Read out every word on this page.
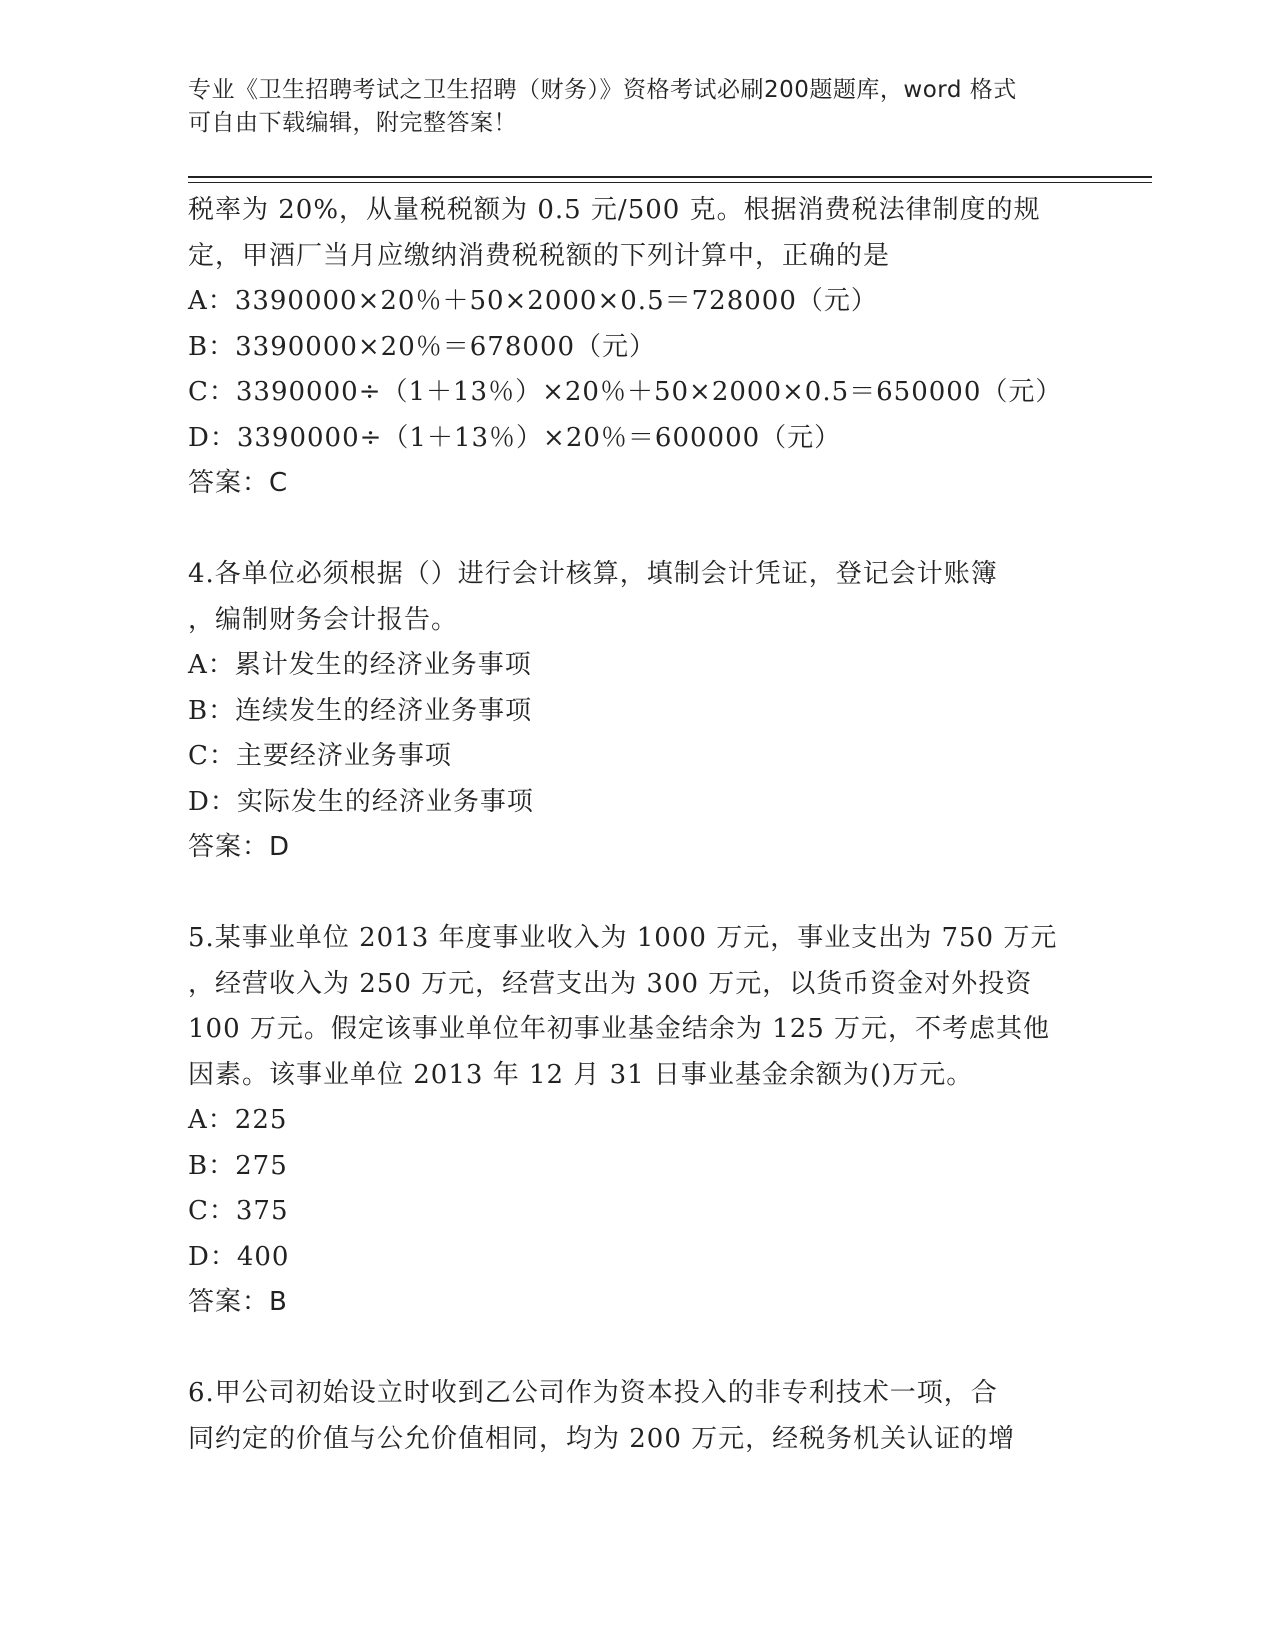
专业《卫生招聘考试之卫生招聘（财务）》资格考试必刷200题题库，word 格式
可自由下载编辑，附完整答案！
税率为 20%，从量税税额为 0.5 元/500 克。根据消费税法律制度的规
定，甲酒厂当月应缴纳消费税税额的下列计算中，正确的是
A：3390000×20％＋50×2000×0.5＝728000（元）
B：3390000×20％＝678000（元）
C：3390000÷（1＋13％）×20％＋50×2000×0.5＝650000（元）
D：3390000÷（1＋13％）×20％＝600000（元）
答案：C
4.各单位必须根据（）进行会计核算，填制会计凭证，登记会计账簿
，编制财务会计报告。
A：累计发生的经济业务事项
B：连续发生的经济业务事项
C：主要经济业务事项
D：实际发生的经济业务事项
答案：D
5.某事业单位 2013 年度事业收入为 1000 万元，事业支出为 750 万元
，经营收入为 250 万元，经营支出为 300 万元，以货币资金对外投资
100 万元。假定该事业单位年初事业基金结余为 125 万元，不考虑其他
因素。该事业单位 2013 年 12 月 31 日事业基金余额为()万元。
A：225
B：275
C：375
D：400
答案：B
6.甲公司初始设立时收到乙公司作为资本投入的非专利技术一项，合
同约定的价值与公允价值相同，均为 200 万元，经税务机关认证的增
